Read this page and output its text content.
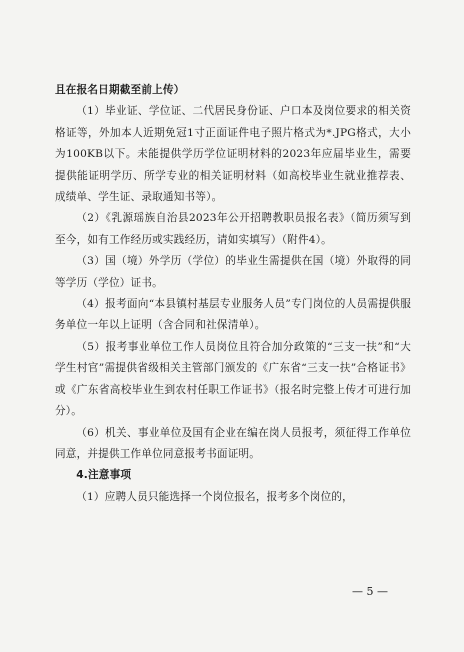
且在报名日期截至前上传）

（1）毕业证、学位证、二代居民身份证、户口本及岗位要求的相关资格证等，外加本人近期免冠1寸正面证件电子照片格式为*.JPG格式，大小为100KB以下。未能提供学历学位证明材料的2023年应届毕业生，需要提供能证明学历、所学专业的相关证明材料（如高校毕业生就业推荐表、成绩单、学生证、录取通知书等）。

（2）《乳源瑶族自治县2023年公开招聘教职员报名表》（简历须写到至今，如有工作经历或实践经历，请如实填写）（附件4）。

（3）国（境）外学历（学位）的毕业生需提供在国（境）外取得的同等学历（学位）证书。

（4）报考面向“本县镇村基层专业服务人员”专门岗位的人员需提供服务单位一年以上证明（含合同和社保清单）。

（5）报考事业单位工作人员岗位且符合加分政策的“三支一扶”和“大学生村官”需提供省级相关主管部门颁发的《广东省“三支一扶”合格证书》或《广东省高校毕业生到农村任职工作证书》（报名时完整上传才可进行加分）。

（6）机关、事业单位及国有企业在编在岗人员报考，须征得工作单位同意，并提供工作单位同意报考书面证明。

4.注意事项

（1）应聘人员只能选择一个岗位报名，报考多个岗位的，

— 5 —
